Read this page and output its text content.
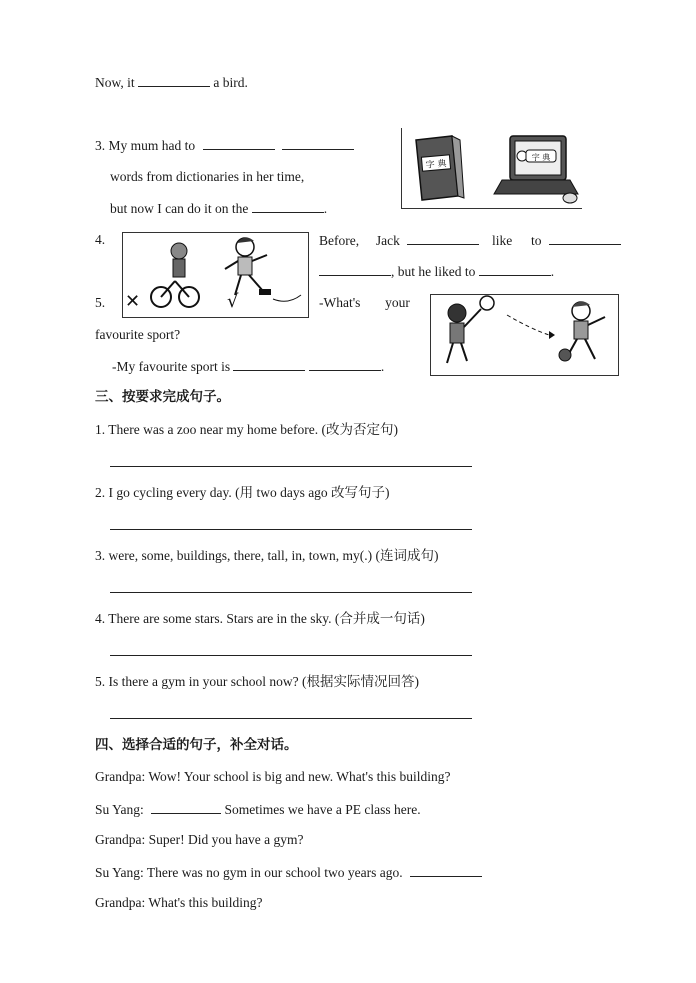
Now, it	a bird.
3. My mum had to
words from dictionaries in her time,
but now I can do it on the	.
字 典
字 典
4.
✕	√
Before, Jack	like to
, but he liked to	.
5.	-What's your
favourite sport?
-My favourite sport is	.
三、按要求完成句子。
1. There was a zoo near my home before. (改为否定句)
2. I go cycling every day. (用 two days ago 改写句子)
3. were, some, buildings, there, tall, in, town, my(.) (连词成句)
4. There are some stars. Stars are in the sky. (合并成一句话)
5. Is there a gym in your school now? (根据实际情况回答)
四、选择合适的句子，补全对话。
Grandpa: Wow! Your school is big and new. What's this building?
Su Yang:	Sometimes we have a PE class here.
Grandpa: Super! Did you have a gym?
Su Yang: There was no gym in our school two years ago.
Grandpa: What's this building?
